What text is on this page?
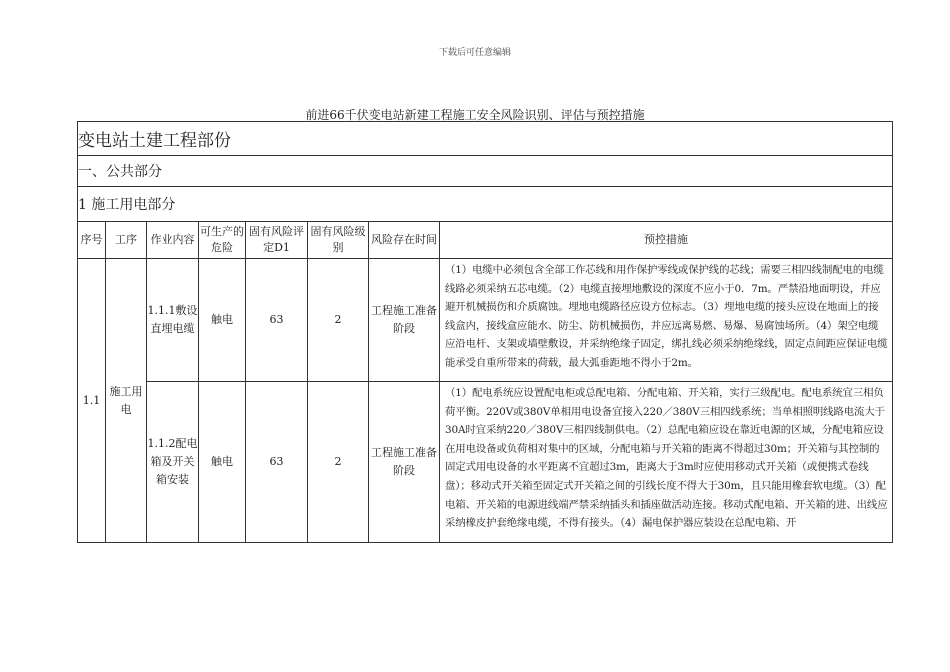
下载后可任意编辑
前进66千伏变电站新建工程施工安全风险识别、评估与预控措施
变电站土建工程部份							
一、公共部分							
1 施工用电部分							
序号	工序	作业内容	可生产的危险	固有风险评定D1	固有风险级别	风险存在时间	预控措施
1.1	施工用电	1.1.1敷设直埋电缆	触电	63	2	工程施工准备阶段	（1）电缆中必须包含全部工作芯线和用作保护零线或保护线的芯线；需要三相四线制配电的电缆线路必须采纳五芯电缆。（2）电缆直接埋地敷设的深度不应小于0．7m。严禁沿地面明设，并应避开机械损伤和介质腐蚀。埋地电缆路径应设方位标志。（3）埋地电缆的接头应设在地面上的接线盒内，接线盒应能水、防尘、防机械损伤，并应远离易燃、易爆、易腐蚀场所。（4）架空电缆应沿电杆、支架或墙壁敷设，并采纳绝缘子固定，绑扎线必须采纳绝缘线，固定点间距应保证电缆能承受自重所带来的荷载，最大弧垂距地不得小于2m。
		1.1.2配电箱及开关箱安装	触电	63	2	工程施工准备阶段	（1）配电系统应设置配电柜或总配电箱、分配电箱、开关箱，实行三级配电。配电系统宜三相负荷平衡。220V或380V单相用电设备宜接入220／380V三相四线系统；当单相照明线路电流大于30A时宜采纳220／380V三相四线制供电。（2）总配电箱应设在靠近电源的区域，分配电箱应设在用电设备或负荷相对集中的区域，分配电箱与开关箱的距离不得超过30m；开关箱与其控制的固定式用电设备的水平距离不宜超过3m，距离大于3m时应使用移动式开关箱（或便携式卷线盘）；移动式开关箱至固定式开关箱之间的引线长度不得大于30m，且只能用橡套软电缆。（3）配电箱、开关箱的电源进线端严禁采纳插头和插座做活动连接。移动式配电箱、开关箱的进、出线应采纳橡皮护套绝缘电缆，不得有接头。（4）漏电保护器应装设在总配电箱、开
